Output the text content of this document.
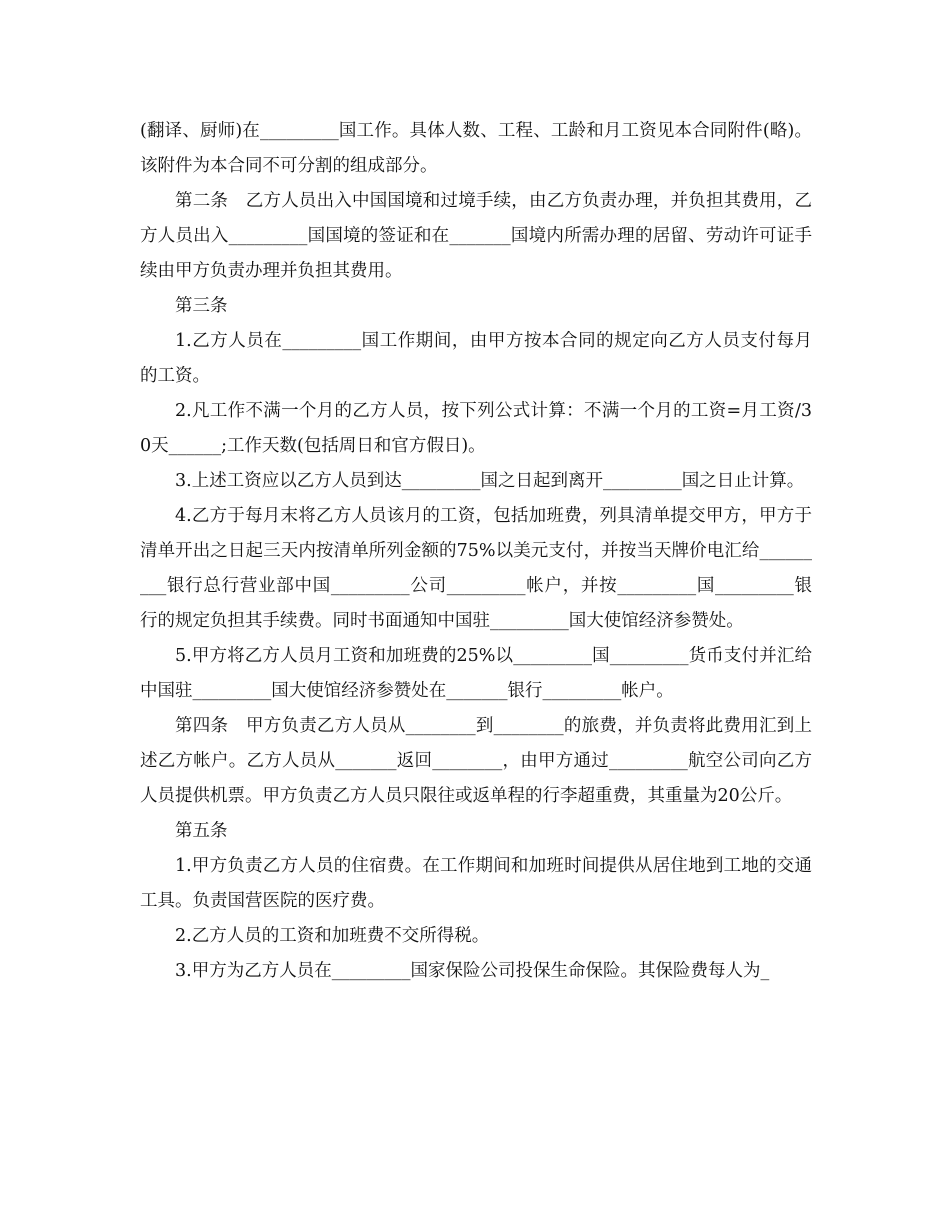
(翻译、厨师)在_________国工作。具体人数、工程、工龄和月工资见本合同附件(略)。该附件为本合同不可分割的组成部分。

第二条　乙方人员出入中国国境和过境手续，由乙方负责办理，并负担其费用，乙方人员出入_________国国境的签证和在_______国境内所需办理的居留、劳动许可证手续由甲方负责办理并负担其费用。

第三条

1.乙方人员在_________国工作期间，由甲方按本合同的规定向乙方人员支付每月的工资。

2.凡工作不满一个月的乙方人员，按下列公式计算：不满一个月的工资=月工资/30天______;工作天数(包括周日和官方假日)。

3.上述工资应以乙方人员到达_________国之日起到离开_________国之日止计算。

4.乙方于每月末将乙方人员该月的工资，包括加班费，列具清单提交甲方，甲方于清单开出之日起三天内按清单所列金额的75%以美元支付，并按当天牌价电汇给_________银行总行营业部中国_________公司_________帐户，并按_________国_________银行的规定负担其手续费。同时书面通知中国驻_________国大使馆经济参赞处。

5.甲方将乙方人员月工资和加班费的25%以_________国_________货币支付并汇给中国驻_________国大使馆经济参赞处在_______银行_________帐户。

第四条　甲方负责乙方人员从________到________的旅费，并负责将此费用汇到上述乙方帐户。乙方人员从_______返回________，由甲方通过_________航空公司向乙方人员提供机票。甲方负责乙方人员只限往或返单程的行李超重费，其重量为20公斤。

第五条

1.甲方负责乙方人员的住宿费。在工作期间和加班时间提供从居住地到工地的交通工具。负责国营医院的医疗费。

2.乙方人员的工资和加班费不交所得税。

3.甲方为乙方人员在_________国家保险公司投保生命保险。其保险费每人为_
